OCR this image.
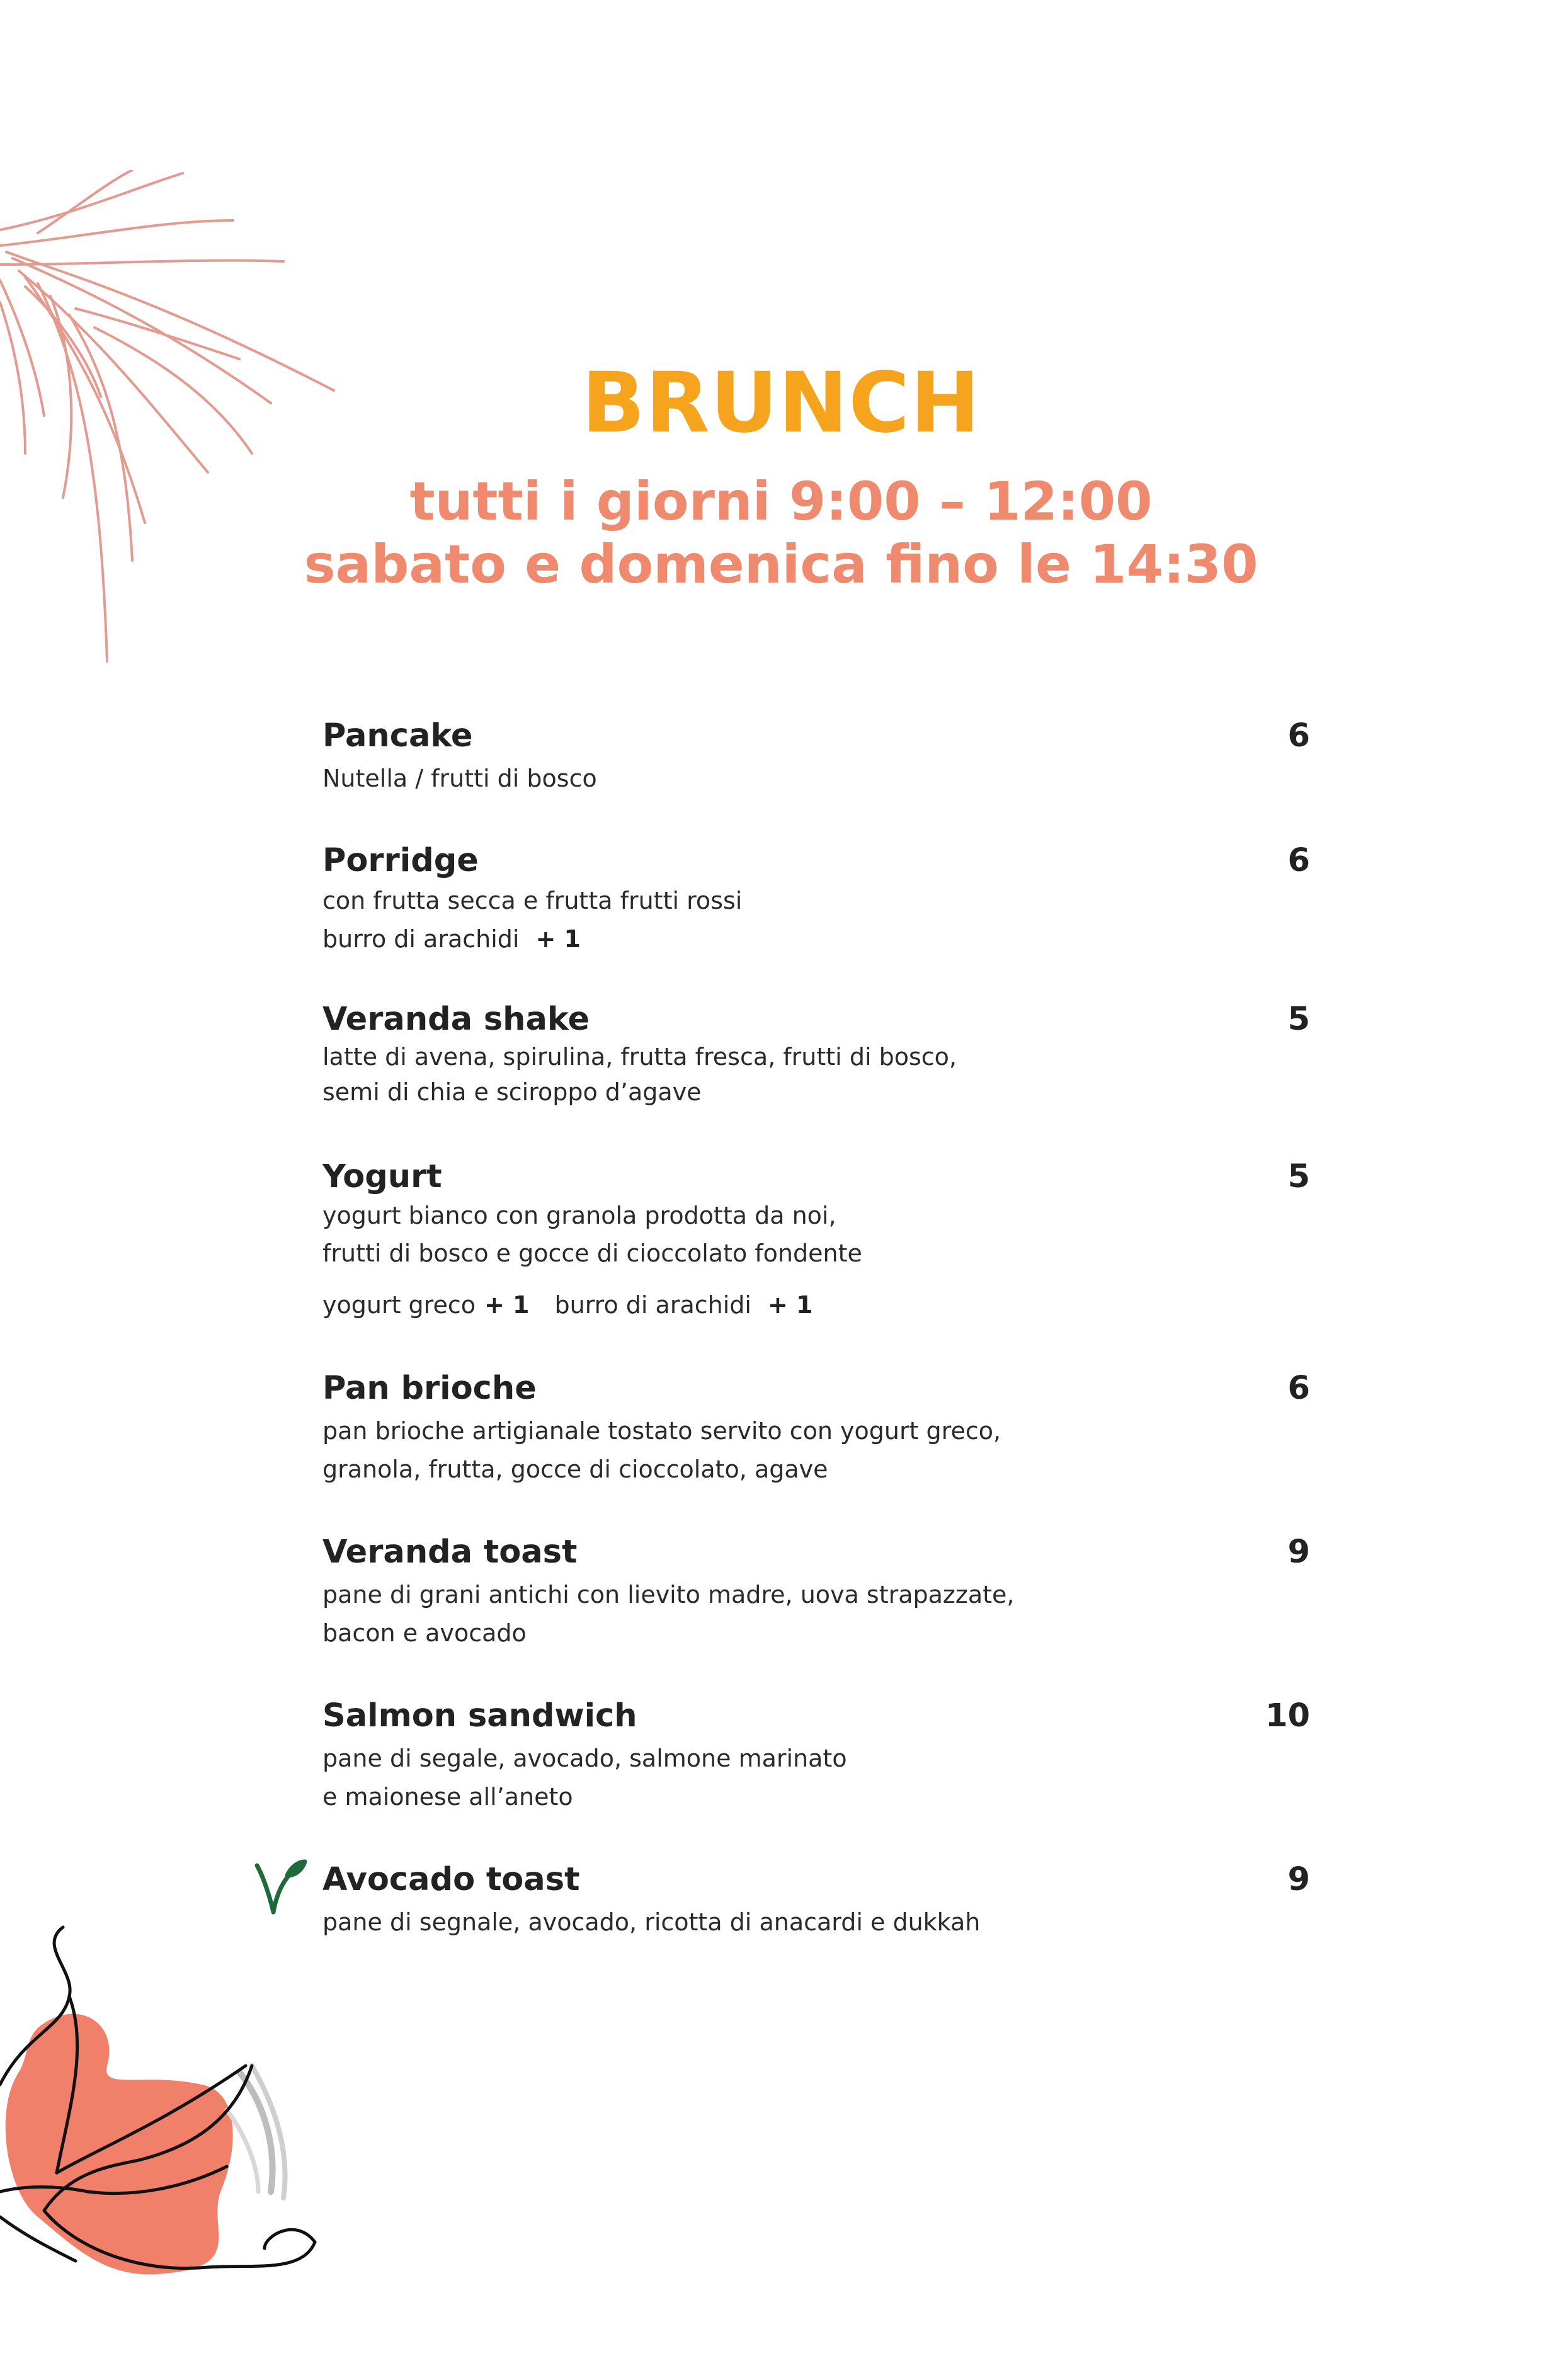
BRUNCH

tutti i giorni 9:00 – 12:00

sabato e domenica fino le 14:30

Pancake	6
Nutella / frutti di bosco
Porridge	6
con frutta secca e frutta frutti rossi
burro di arachidi + 1
Veranda shake	5
latte di avena, spirulina, frutta fresca, frutti di bosco,
semi di chia e sciroppo d’agave
Yogurt	5
yogurt bianco con granola prodotta da noi,
frutti di bosco e gocce di cioccolato fondente
yogurt greco + 1 burro di arachidi + 1
Pan brioche	6
pan brioche artigianale tostato servito con yogurt greco,
granola, frutta, gocce di cioccolato, agave
Veranda toast	9
pane di grani antichi con lievito madre, uova strapazzate,
bacon e avocado
Salmon sandwich	10
pane di segale, avocado, salmone marinato
e maionese all’aneto
Avocado toast	9
pane di segnale, avocado, ricotta di anacardi e dukkah
